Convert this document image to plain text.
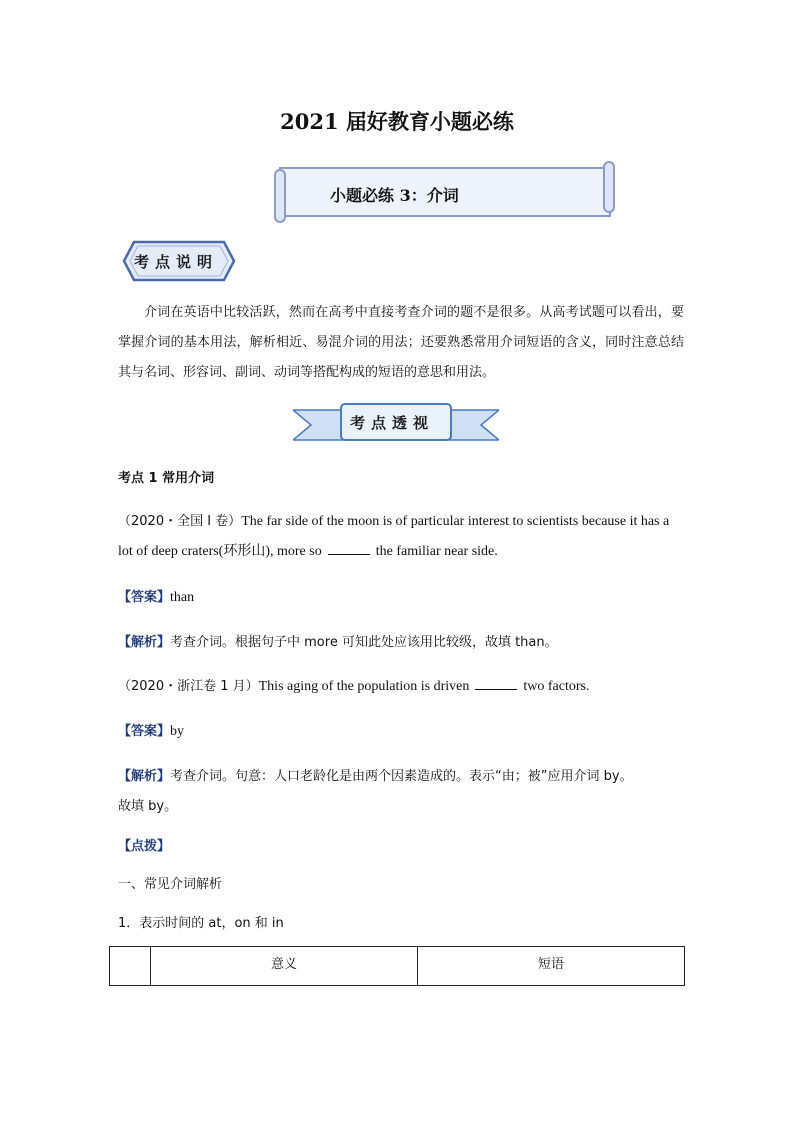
2021 届好教育小题必练
小题必练 3：介词
考点说明
介词在英语中比较活跃，然而在高考中直接考查介词的题不是很多。从高考试题可以看出，要掌握介词的基本用法，解析相近、易混介词的用法；还要熟悉常用介词短语的含义，同时注意总结其与名词、形容词、副词、动词等搭配构成的短语的意思和用法。
考点透视
考点 1 常用介词
（2020・全国 I 卷）The far side of the moon is of particular interest to scientists because it has a
lot of deep craters(环形山), more so	the familiar near side.
【答案】than
【解析】考查介词。根据句子中 more 可知此处应该用比较级，故填 than。
（2020・浙江卷 1 月）This aging of the population is driven	two factors.
【答案】by
【解析】考查介词。句意：人口老龄化是由两个因素造成的。表示“由；被”应用介词 by。
故填 by。
【点拨】
一、常见介词解析
1．表示时间的 at，on 和 in
	意义	短语
